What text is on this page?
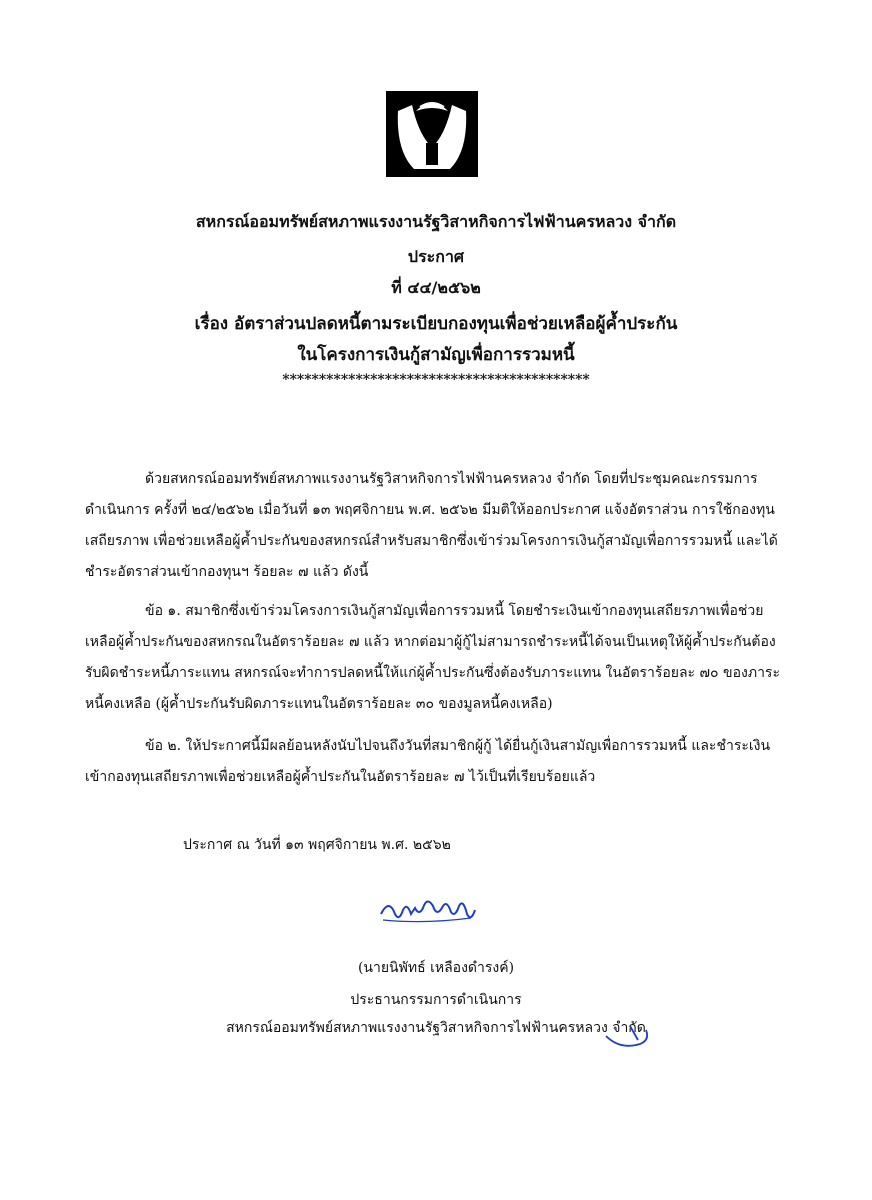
สหกรณ์ออมทรัพย์สหภาพแรงงานรัฐวิสาหกิจการไฟฟ้านครหลวง จำกัด
ประกาศ
ที่ ๔๔/๒๕๖๒
เรื่อง อัตราส่วนปลดหนี้ตามระเบียบกองทุนเพื่อช่วยเหลือผู้ค้ำประกัน
ในโครงการเงินกู้สามัญเพื่อการรวมหนี้
******************************************

ด้วยสหกรณ์ออมทรัพย์สหภาพแรงงานรัฐวิสาหกิจการไฟฟ้านครหลวง จำกัด โดยที่ประชุมคณะกรรมการดำเนินการ ครั้งที่ ๒๔/๒๕๖๒ เมื่อวันที่ ๑๓ พฤศจิกายน พ.ศ. ๒๕๖๒ มีมติให้ออกประกาศ แจ้งอัตราส่วน การใช้กองทุนเสถียรภาพ เพื่อช่วยเหลือผู้ค้ำประกันของสหกรณ์สำหรับสมาชิกซึ่งเข้าร่วมโครงการเงินกู้สามัญเพื่อการรวมหนี้ และได้ชำระอัตราส่วนเข้ากองทุนฯ ร้อยละ ๗ แล้ว ดังนี้

ข้อ ๑. สมาชิกซึ่งเข้าร่วมโครงการเงินกู้สามัญเพื่อการรวมหนี้ โดยชำระเงินเข้ากองทุนเสถียรภาพเพื่อช่วยเหลือผู้ค้ำประกันของสหกรณในอัตราร้อยละ ๗ แล้ว หากต่อมาผู้กู้ไม่สามารถชำระหนี้ได้จนเป็นเหตุให้ผู้ค้ำประกันต้องรับผิดชำระหนี้ภาระแทน สหกรณ์จะทำการปลดหนี้ให้แก่ผู้ค้ำประกันซึ่งต้องรับภาระแทน ในอัตราร้อยละ ๗๐ ของภาระหนี้คงเหลือ (ผู้ค้ำประกันรับผิดภาระแทนในอัตราร้อยละ ๓๐ ของมูลหนี้คงเหลือ)

ข้อ ๒. ให้ประกาศนี้มีผลย้อนหลังนับไปจนถึงวันที่สมาชิกผู้กู้ ได้ยื่นกู้เงินสามัญเพื่อการรวมหนี้ และชำระเงินเข้ากองทุนเสถียรภาพเพื่อช่วยเหลือผู้ค้ำประกันในอัตราร้อยละ ๗ ไว้เป็นที่เรียบร้อยแล้ว

ประกาศ ณ วันที่ ๑๓ พฤศจิกายน พ.ศ. ๒๕๖๒
(นายนิพัทธ์ เหลืองดำรงค์)
ประธานกรรมการดำเนินการ
สหกรณ์ออมทรัพย์สหภาพแรงงานรัฐวิสาหกิจการไฟฟ้านครหลวง จำกัด
